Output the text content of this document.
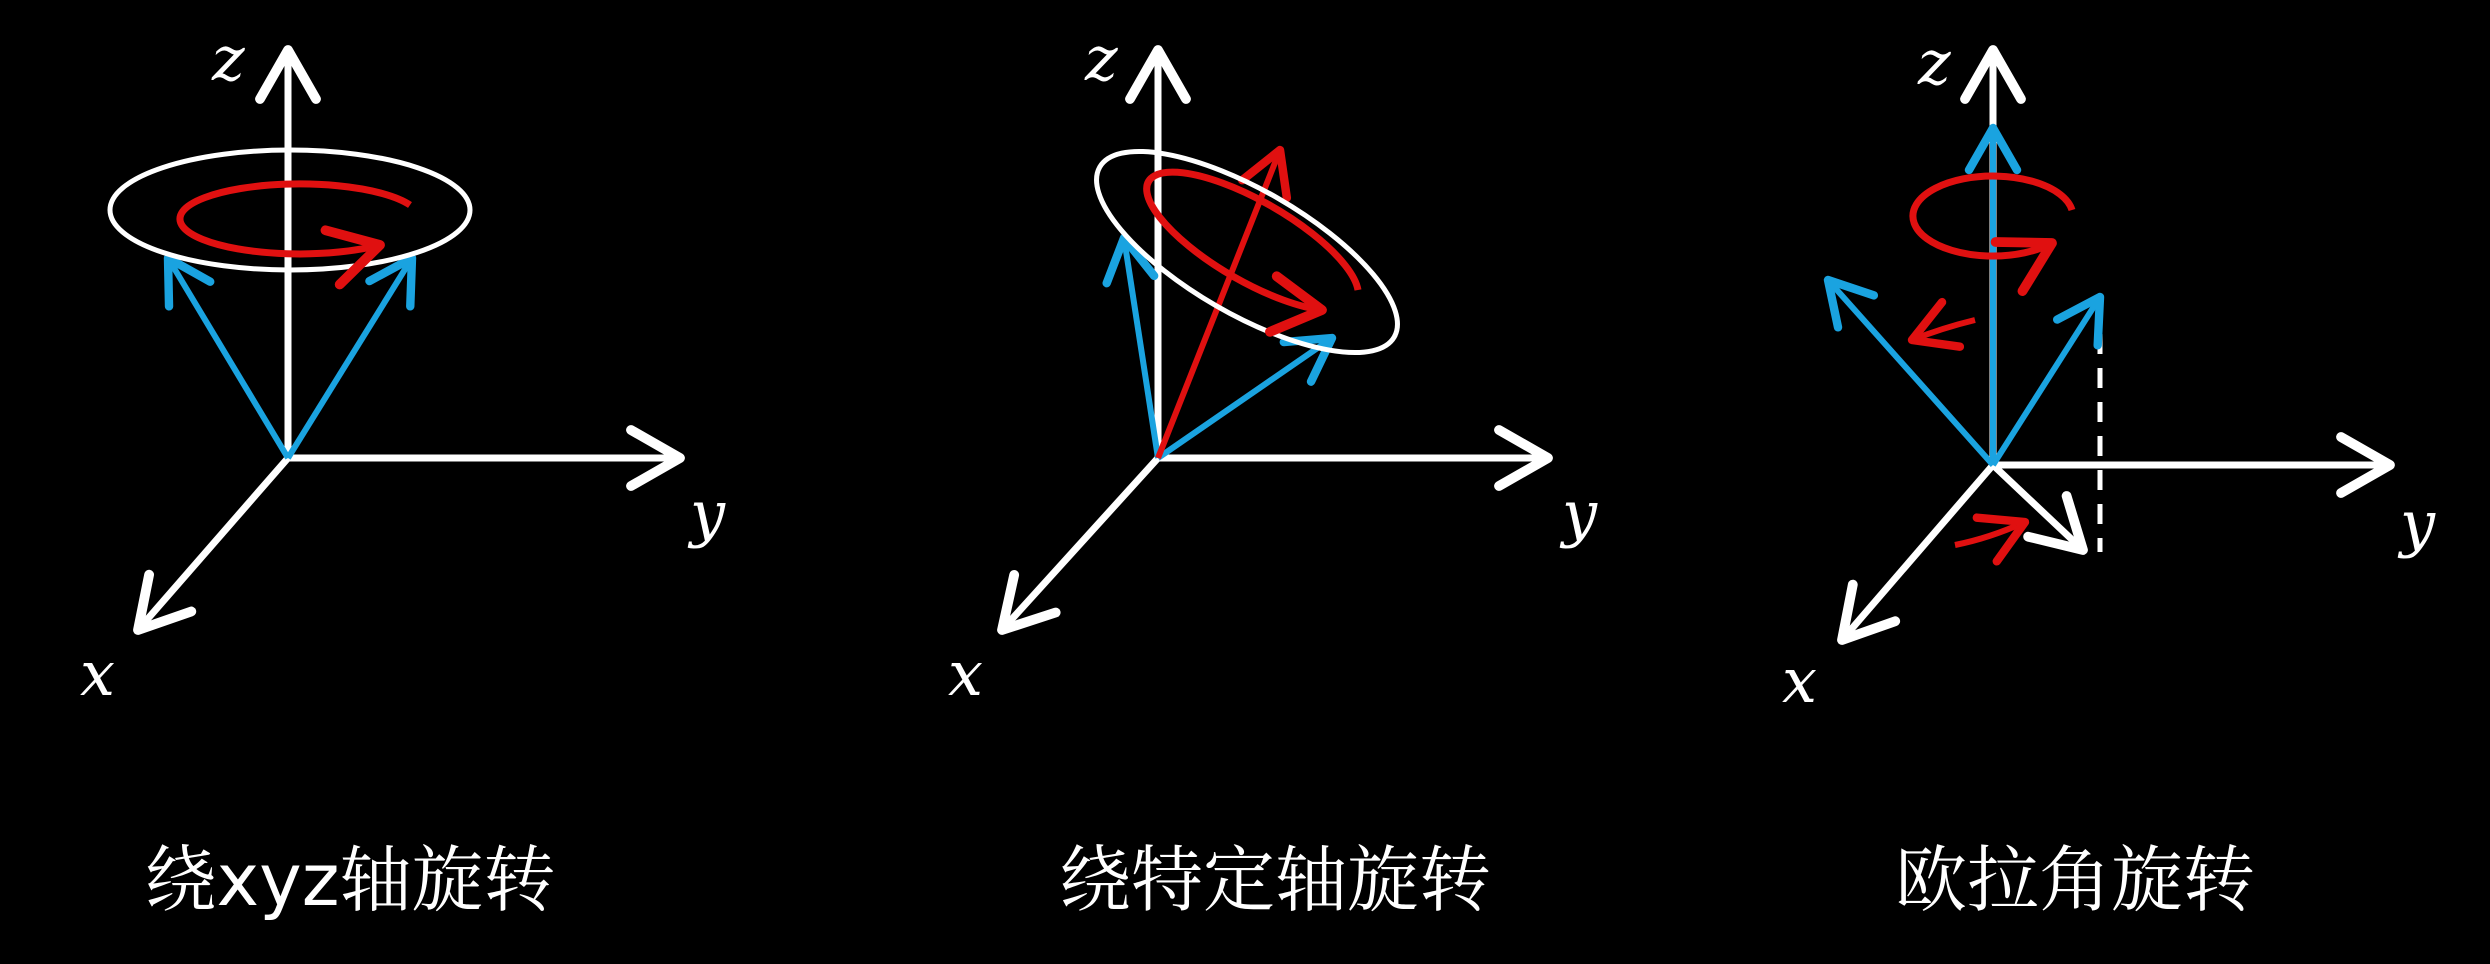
z
y
x
绕xyz轴旋转
z
y
x
绕特定轴旋转
z
y
x
欧拉角旋转
